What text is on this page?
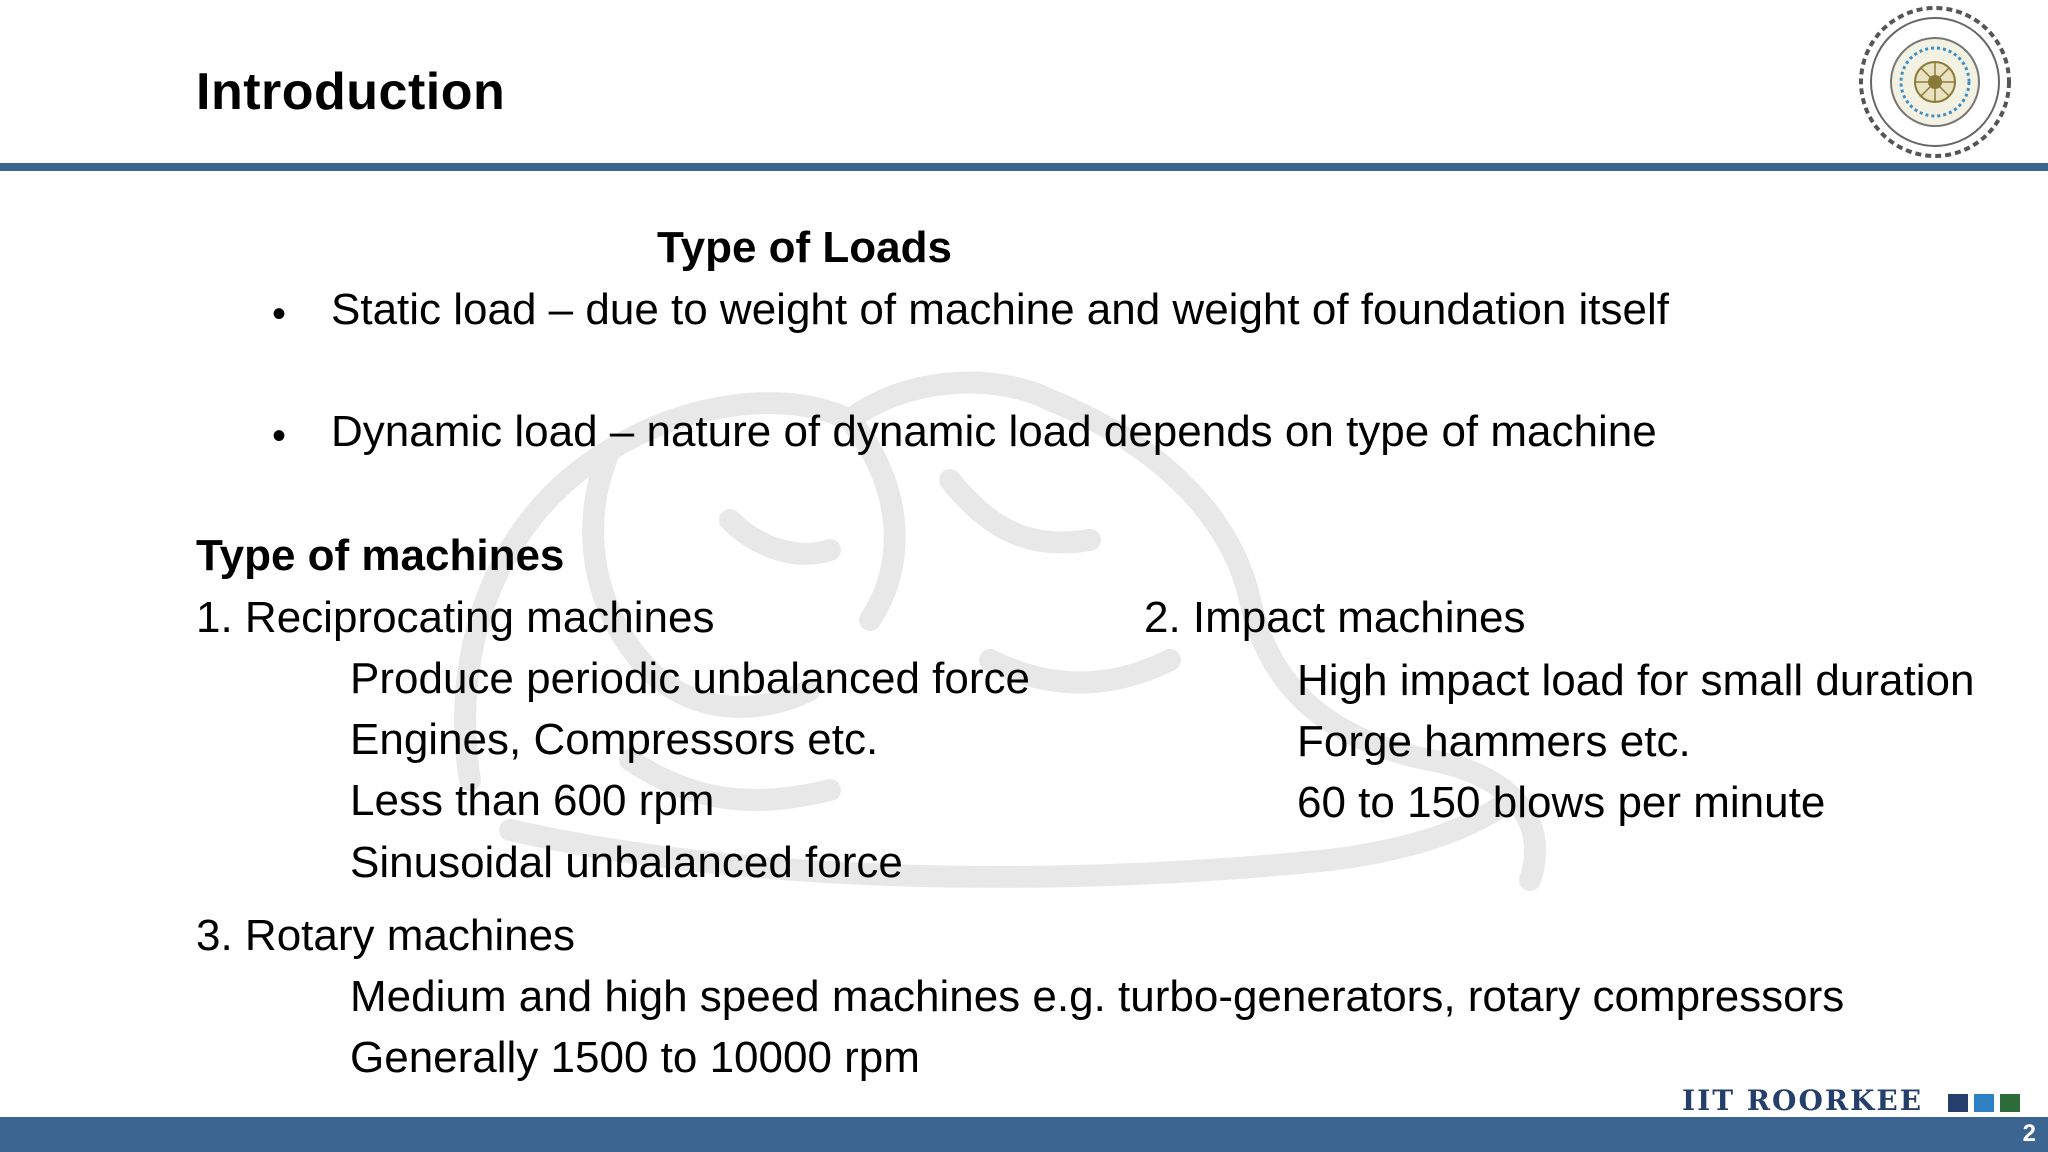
Introduction
Type of Loads
• Static load – due to weight of machine and weight of foundation itself
• Dynamic load – nature of dynamic load depends on type of machine
Type of machines
1. Reciprocating machines
Produce periodic unbalanced force
Engines, Compressors etc.
Less than 600 rpm
Sinusoidal unbalanced force
2. Impact machines
High impact load for small duration
Forge hammers etc.
60 to 150 blows per minute
3. Rotary machines
Medium and high speed machines e.g. turbo-generators, rotary compressors
Generally 1500 to 10000 rpm
IIT ROORKEE
2
